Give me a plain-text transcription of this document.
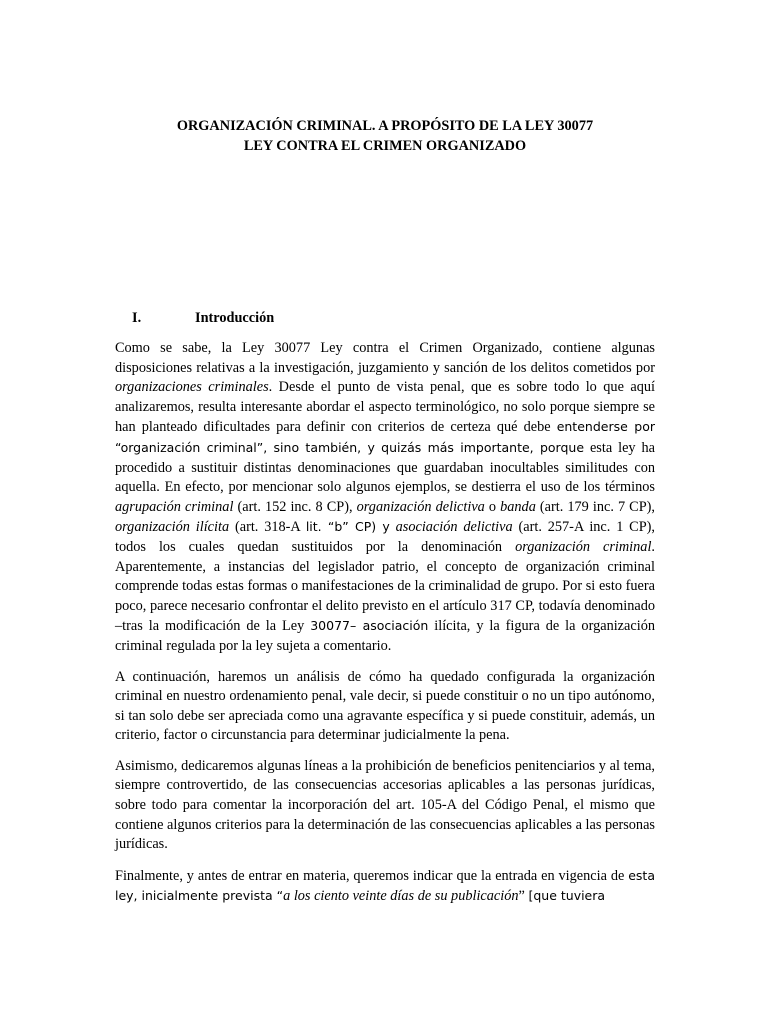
ORGANIZACIÓN CRIMINAL. A PROPÓSITO DE LA LEY 30077
LEY CONTRA EL CRIMEN ORGANIZADO
I.	Introducción

Como se sabe, la Ley 30077 Ley contra el Crimen Organizado, contiene algunas disposiciones relativas a la investigación, juzgamiento y sanción de los delitos cometidos por organizaciones criminales. Desde el punto de vista penal, que es sobre todo lo que aquí analizaremos, resulta interesante abordar el aspecto terminológico, no solo porque siempre se han planteado dificultades para definir con criterios de certeza qué debe entenderse por “organización criminal”, sino también, y quizás más importante, porque esta ley ha procedido a sustituir distintas denominaciones que guardaban inocultables similitudes con aquella. En efecto, por mencionar solo algunos ejemplos, se destierra el uso de los términos agrupación criminal (art. 152 inc. 8 CP), organización delictiva o banda (art. 179 inc. 7 CP), organización ilícita (art. 318-A lit. “b” CP) y asociación delictiva (art. 257-A inc. 1 CP), todos los cuales quedan sustituidos por la denominación organización criminal. Aparentemente, a instancias del legislador patrio, el concepto de organización criminal comprende todas estas formas o manifestaciones de la criminalidad de grupo. Por si esto fuera poco, parece necesario confrontar el delito previsto en el artículo 317 CP, todavía denominado –tras la modificación de la Ley 30077– asociación ilícita, y la figura de la organización criminal regulada por la ley sujeta a comentario.

A continuación, haremos un análisis de cómo ha quedado configurada la organización criminal en nuestro ordenamiento penal, vale decir, si puede constituir o no un tipo autónomo, si tan solo debe ser apreciada como una agravante específica y si puede constituir, además, un criterio, factor o circunstancia para determinar judicialmente la pena.

Asimismo, dedicaremos algunas líneas a la prohibición de beneficios penitenciarios y al tema, siempre controvertido, de las consecuencias accesorias aplicables a las personas jurídicas, sobre todo para comentar la incorporación del art. 105-A del Código Penal, el mismo que contiene algunos criterios para la determinación de las consecuencias aplicables a las personas jurídicas.

Finalmente, y antes de entrar en materia, queremos indicar que la entrada en vigencia de esta ley, inicialmente prevista “a los ciento veinte días de su publicación” [que tuviera
